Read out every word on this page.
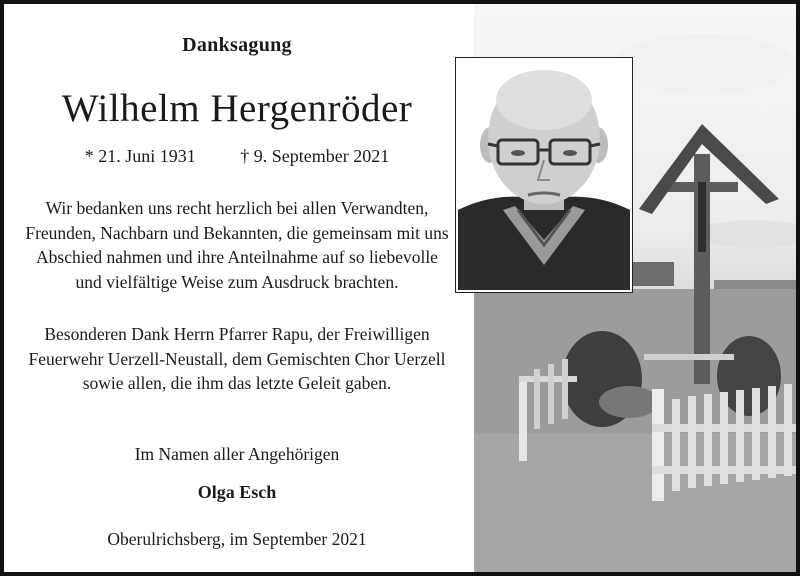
Danksagung
Wilhelm Hergenröder
* 21. Juni 1931 † 9. September 2021
Wir bedanken uns recht herzlich bei allen Verwandten, Freunden, Nachbarn und Bekannten, die gemeinsam mit uns Abschied nahmen und ihre Anteilnahme auf so liebevolle und vielfältige Weise zum Ausdruck brachten.
Besonderen Dank Herrn Pfarrer Rapu, der Freiwilligen Feuerwehr Uerzell-Neustall, dem Gemischten Chor Uerzell sowie allen, die ihm das letzte Geleit gaben.
Im Namen aller Angehörigen
Olga Esch
Oberulrichsberg, im September 2021
